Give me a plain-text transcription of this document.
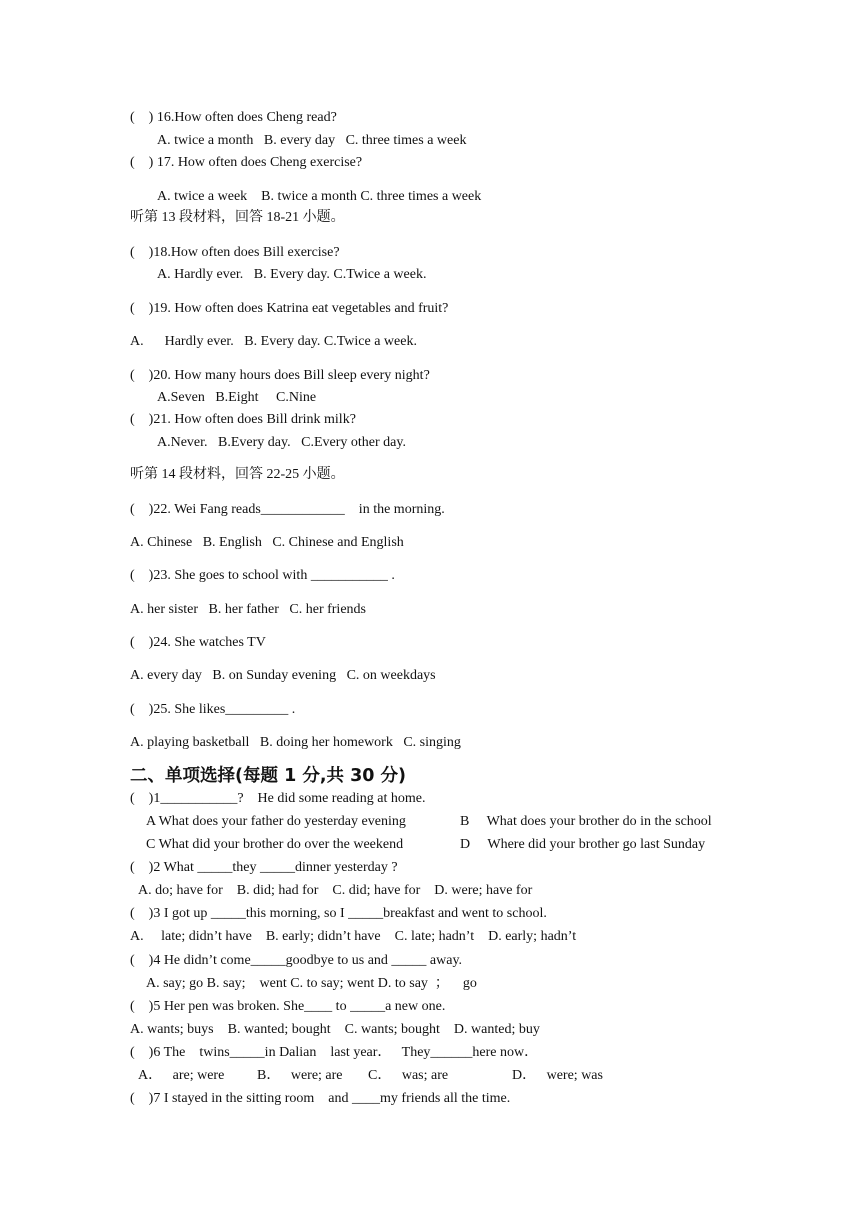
(    ) 16.How often does Cheng read?
A. twice a month   B. every day   C. three times a week
(    ) 17. How often does Cheng exercise?
A. twice a week    B. twice a month C. three times a week
听第 13 段材料，回答 18-21 小题。
(    )18.How often does Bill exercise?
A. Hardly ever.   B. Every day. C.Twice a week.
(    )19. How often does Katrina eat vegetables and fruit?
A.      Hardly ever.   B. Every day. C.Twice a week.
(    )20. How many hours does Bill sleep every night?
A.Seven   B.Eight     C.Nine
(    )21. How often does Bill drink milk?
A.Never.   B.Every day.   C.Every other day.
听第 14 段材料，回答 22-25 小题。
(    )22. Wei Fang reads____________    in the morning.
A. Chinese   B. English   C. Chinese and English
(    )23. She goes to school with ___________ .
A. her sister   B. her father   C. her friends
(    )24. She watches TV
A. every day   B. on Sunday evening   C. on weekdays
(    )25. She likes_________ .
A. playing basketball   B. doing her homework   C. singing
二、单项选择(每题 1 分,共 30 分)
(    )1___________?    He did some reading at home.
A What does your father do yesterday evening	B     What does your brother do in the school
C What did your brother do over the weekend	D     Where did your brother go last Sunday
(    )2 What _____they _____dinner yesterday ?
A. do; have for    B. did; had for    C. did; have for    D. were; have for
(    )3 I got up _____this morning, so I _____breakfast and went to school.
A.     late; didn’t have    B. early; didn’t have    C. late; hadn’t    D. early; hadn’t
(    )4 He didn’t come_____goodbye to us and _____ away.
A. say; go B. say;    went C. to say; went D. to say  ；    go
(    )5 Her pen was broken. She____ to _____a new one.
A. wants; buys    B. wanted; bought    C. wants; bought    D. wanted; buy
(    )6 The    twins_____in Dalian    last year．   They______here now．
A．   are; were B．   were; are C．   was; are	D．   were; was
(    )7 I stayed in the sitting room    and ____my friends all the time.
